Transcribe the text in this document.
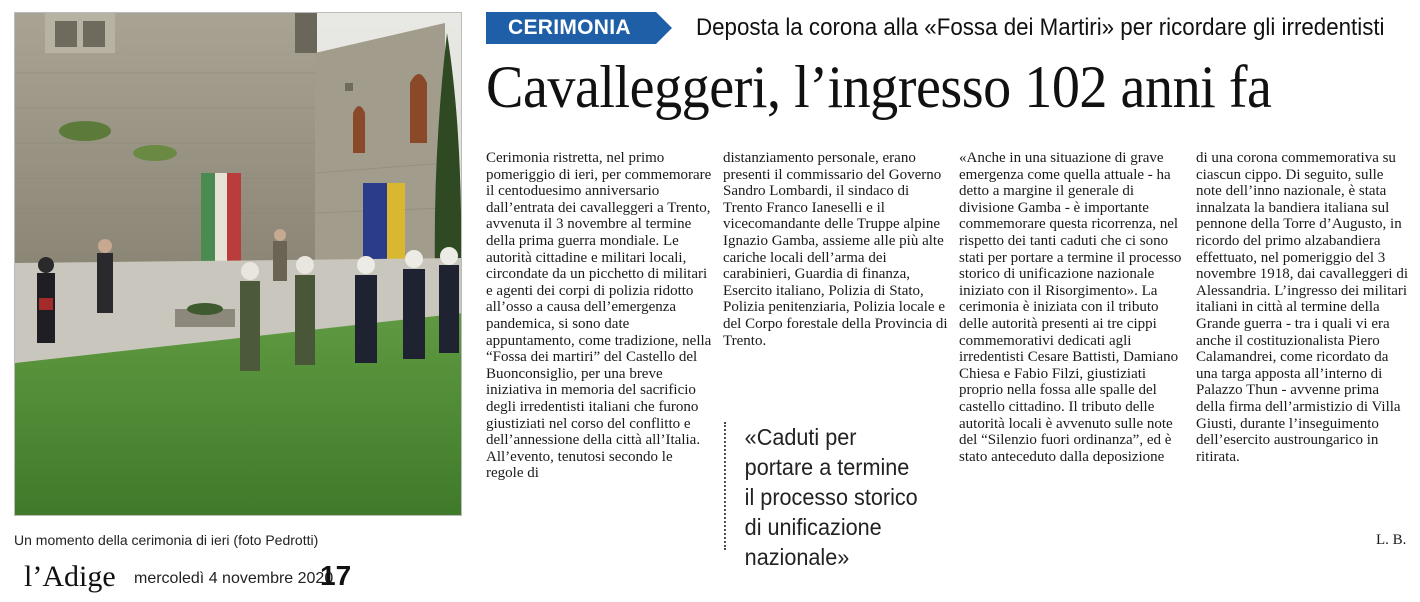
Un momento della cerimonia di ieri (foto Pedrotti)
CERIMONIA	Deposta la corona alla «Fossa dei Martiri» per ricordare gli irredentisti
Cavalleggeri, l’ingresso 102 anni fa
Cerimonia ristretta, nel primo pomeriggio di ieri, per commemorare il centoduesimo anniversario dall’entrata dei cavalleggeri a Trento, avvenuta il 3 novembre al termine della prima guerra mondiale. Le autorità cittadine e militari locali, circondate da un picchetto di militari e agenti dei corpi di polizia ridotto all’osso a causa dell’emergenza pandemica, si sono date appuntamento, come tradizione, nella “Fossa dei martiri” del Castello del Buonconsiglio, per una breve iniziativa in memoria del sacrificio degli irredentisti italiani che furono giustiziati nel corso del conflitto e dell’annessione della città all’Italia. All’evento, tenutosi secondo le regole di
distanziamento personale, erano presenti il commissario del Governo Sandro Lombardi, il sindaco di Trento Franco Ianeselli e il vicecomandante delle Truppe alpine Ignazio Gamba, assieme alle più alte cariche locali dell’arma dei carabinieri, Guardia di finanza, Esercito italiano, Polizia di Stato, Polizia penitenziaria, Polizia locale e del Corpo forestale della Provincia di Trento.
«Anche in una situazione di grave emergenza come quella attuale - ha detto a margine il generale di divisione Gamba - è importante commemorare questa ricorrenza, nel rispetto dei tanti caduti che ci sono stati per portare a termine il processo storico di unificazione nazionale iniziato con il Risorgimento». La cerimonia è iniziata con il tributo delle autorità presenti ai tre cippi commemorativi dedicati agli irredentisti Cesare Battisti, Damiano Chiesa e Fabio Filzi, giustiziati proprio nella fossa alle spalle del castello cittadino. Il tributo delle autorità locali è avvenuto sulle note del “Silenzio fuori ordinanza”, ed è stato anteceduto dalla deposizione
di una corona commemorativa su ciascun cippo. Di seguito, sulle note dell’inno nazionale, è stata innalzata la bandiera italiana sul pennone della Torre d’Augusto, in ricordo del primo alzabandiera effettuato, nel pomeriggio del 3 novembre 1918, dai cavalleggeri di Alessandria. L’ingresso dei militari italiani in città al termine della Grande guerra - tra i quali vi era anche il costituzionalista Piero Calamandrei, come ricordato da una targa apposta all’interno di Palazzo Thun - avvenne prima della firma dell’armistizio di Villa Giusti, durante l’inseguimento dell’esercito austroungarico in ritirata.
«Caduti per portare a termine il processo storico di unificazione nazionale»
L. B.
l’Adige mercoledì 4 novembre 2020
17
